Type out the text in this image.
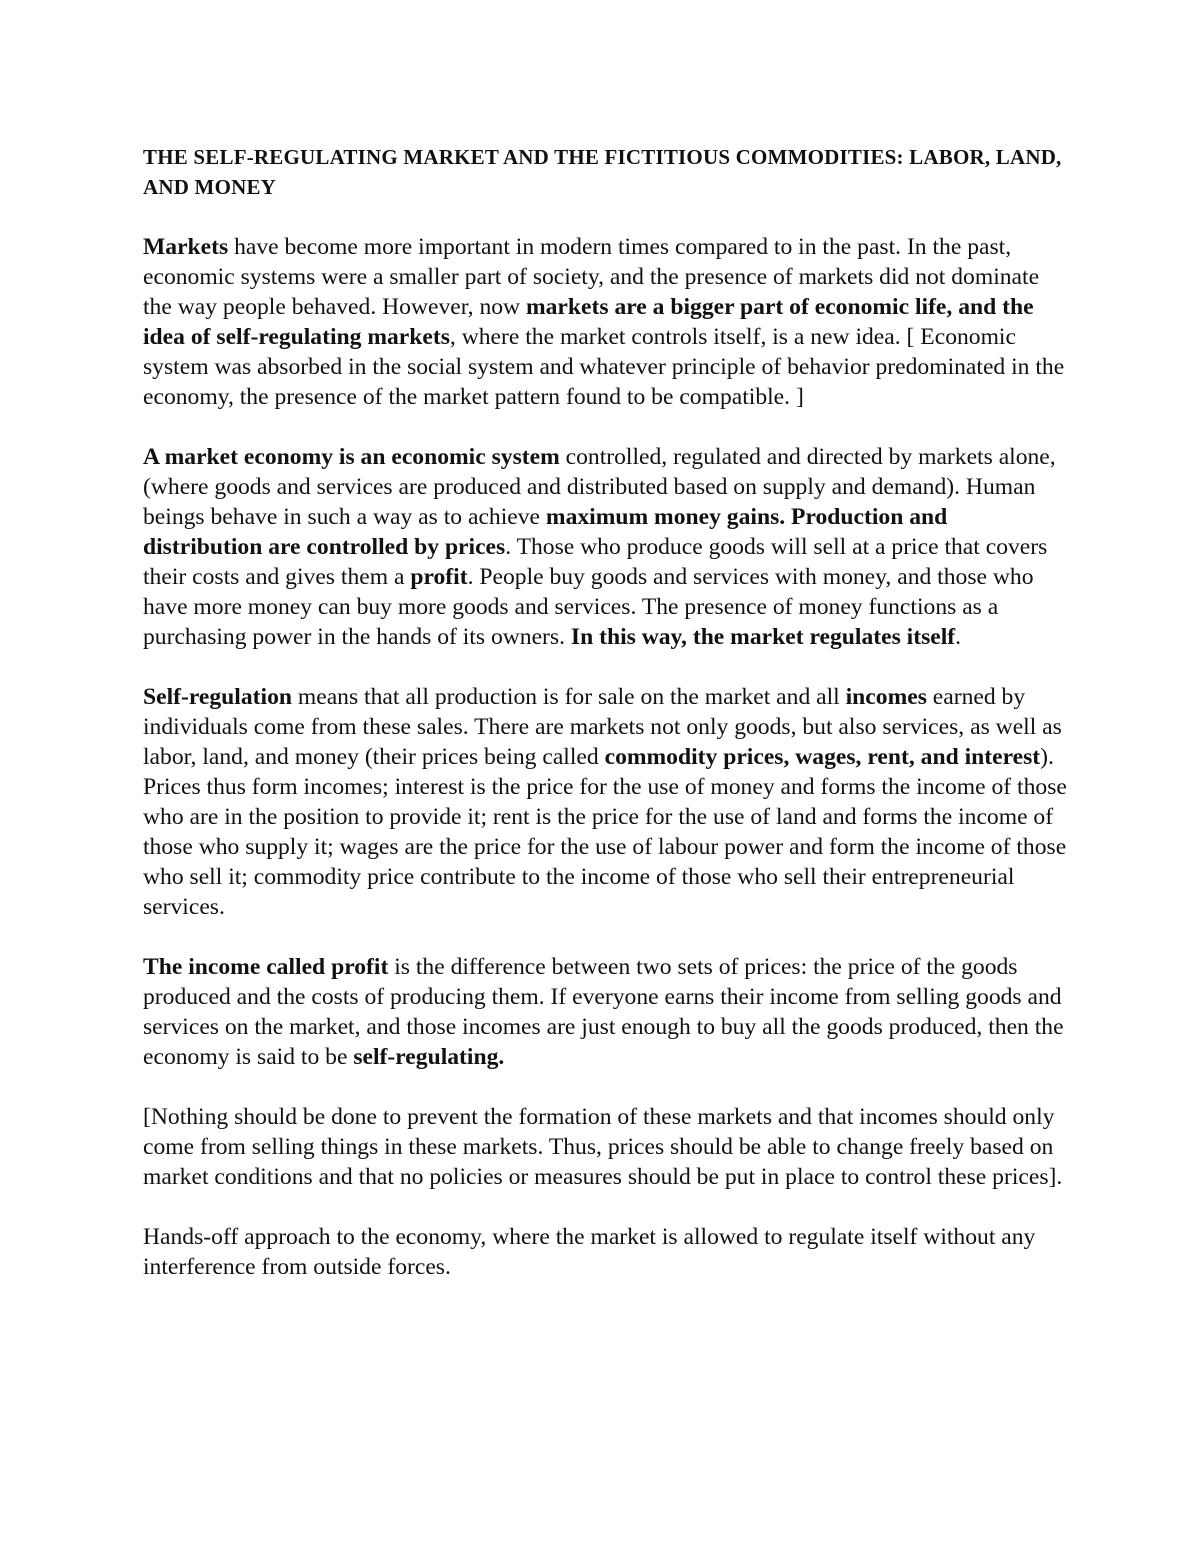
THE SELF-REGULATING MARKET AND THE FICTITIOUS COMMODITIES: LABOR, LAND, AND MONEY

Markets have become more important in modern times compared to in the past. In the past, economic systems were a smaller part of society, and the presence of markets did not dominate the way people behaved. However, now markets are a bigger part of economic life, and the idea of self-regulating markets, where the market controls itself, is a new idea. [ Economic system was absorbed in the social system and whatever principle of behavior predominated in the economy, the presence of the market pattern found to be compatible. ]

A market economy is an economic system controlled, regulated and directed by markets alone, (where goods and services are produced and distributed based on supply and demand). Human beings behave in such a way as to achieve maximum money gains. Production and distribution are controlled by prices. Those who produce goods will sell at a price that covers their costs and gives them a profit. People buy goods and services with money, and those who have more money can buy more goods and services. The presence of money functions as a purchasing power in the hands of its owners. In this way, the market regulates itself.

Self-regulation means that all production is for sale on the market and all incomes earned by individuals come from these sales. There are markets not only goods, but also services, as well as labor, land, and money (their prices being called commodity prices, wages, rent, and interest). Prices thus form incomes; interest is the price for the use of money and forms the income of those who are in the position to provide it; rent is the price for the use of land and forms the income of those who supply it; wages are the price for the use of labour power and form the income of those who sell it; commodity price contribute to the income of those who sell their entrepreneurial services.

The income called profit is the difference between two sets of prices: the price of the goods produced and the costs of producing them. If everyone earns their income from selling goods and services on the market, and those incomes are just enough to buy all the goods produced, then the economy is said to be self-regulating.

[Nothing should be done to prevent the formation of these markets and that incomes should only come from selling things in these markets. Thus, prices should be able to change freely based on market conditions and that no policies or measures should be put in place to control these prices].

Hands-off approach to the economy, where the market is allowed to regulate itself without any interference from outside forces.
